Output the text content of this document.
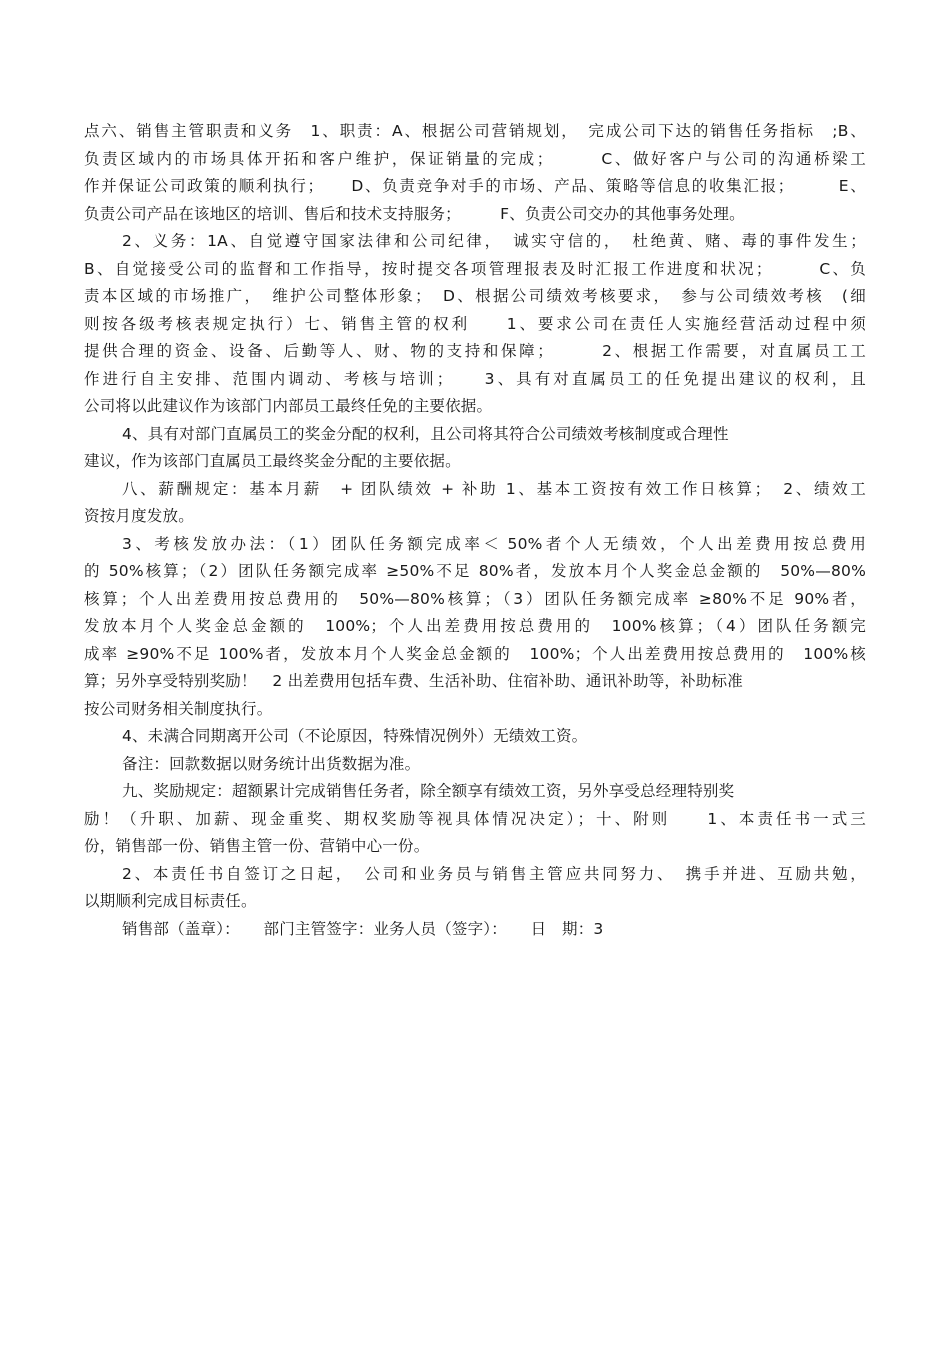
点六、销售主管职责和义务　1、职责：A、根据公司营销规划，　完成公司下达的销售任务指标　;B、

负责区域内的市场具体开拓和客户维护，保证销量的完成；　　　C、做好客户与公司的沟通桥梁工

作并保证公司政策的顺利执行；　　D、负责竞争对手的市场、产品、策略等信息的收集汇报；　　　E、

负责公司产品在该地区的培训、售后和技术支持服务；　　　F、负责公司交办的其他事务处理。

2、义务：1A、自觉遵守国家法律和公司纪律，　诚实守信的，　杜绝黄、赌、毒的事件发生；

B、自觉接受公司的监督和工作指导，按时提交各项管理报表及时汇报工作进度和状况；　　　C、负

责本区域的市场推广，　维护公司整体形象；　D、根据公司绩效考核要求，　参与公司绩效考核　(细

则按各级考核表规定执行）七、销售主管的权利　　1、要求公司在责任人实施经营活动过程中须

提供合理的资金、设备、后勤等人、财、物的支持和保障；　　　2、根据工作需要，对直属员工工

作进行自主安排、范围内调动、考核与培训；　　3、具有对直属员工的任免提出建议的权利，且

公司将以此建议作为该部门内部员工最终任免的主要依据。

4、具有对部门直属员工的奖金分配的权利，且公司将其符合公司绩效考核制度或合理性

建议，作为该部门直属员工最终奖金分配的主要依据。

八、薪酬规定：基本月薪　+ 团队绩效 + 补助 1、基本工资按有效工作日核算；　2、绩效工

资按月度发放。

3、考核发放办法：（1）团队任务额完成率＜ 50%者个人无绩效，个人出差费用按总费用

的 50%核算；（2）团队任务额完成率 ≥50%不足 80%者，发放本月个人奖金总金额的　50%—80%

核算；个人出差费用按总费用的　50%—80%核算；（3）团队任务额完成率 ≥80%不足 90%者，

发放本月个人奖金总金额的　100%；个人出差费用按总费用的　100%核算；（4）团队任务额完

成率 ≥90%不足 100%者，发放本月个人奖金总金额的　100%；个人出差费用按总费用的　100%核

算；另外享受特别奖励！　2 出差费用包括车费、生活补助、住宿补助、通讯补助等，补助标准

按公司财务相关制度执行。

4、未满合同期离开公司（不论原因，特殊情况例外）无绩效工资。

备注：回款数据以财务统计出货数据为准。

九、奖励规定：超额累计完成销售任务者，除全额享有绩效工资，另外享受总经理特别奖

励！（升职、加薪、现金重奖、期权奖励等视具体情况决定）；十、附则　　1、本责任书一式三

份，销售部一份、销售主管一份、营销中心一份。

2、本责任书自签订之日起，　公司和业务员与销售主管应共同努力、　携手并进、互励共勉，

以期顺利完成目标责任。

销售部（盖章）：　　部门主管签字：业务人员（签字）：　　日　期：3
